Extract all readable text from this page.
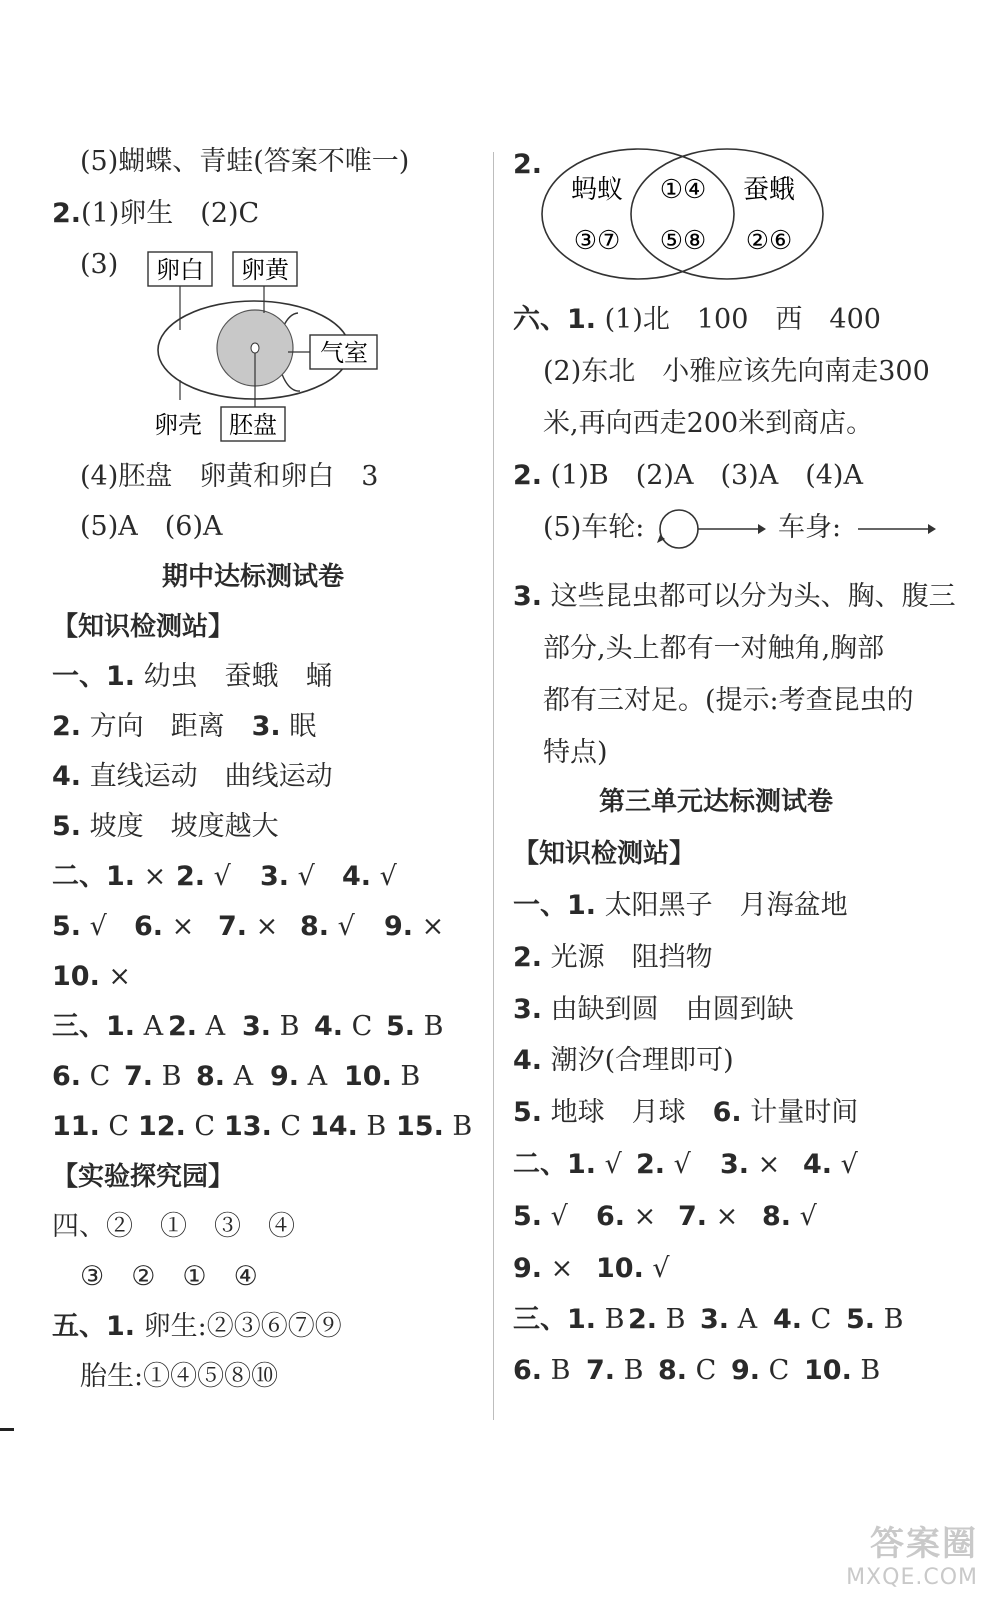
(5)蝴蝶、青蛙(答案不唯一)
2.(1)卵生　(2)C
(3) 卵白 卵黄
气室
卵壳 胚盘
(4)胚盘　卵黄和卵白　3
(5)A　(6)A
期中达标测试卷
【知识检测站】
一、1. 幼虫　蚕蛾　蛹
2. 方向　距离　3. 眠
4. 直线运动　曲线运动
5. 坡度　坡度越大
二、1. × 2. √ 3. √ 4. √
5. √ 6. × 7. × 8. √ 9. ×
10. ×
三、1. A 2. A 3. B 4. C 5. B
6. C 7. B 8. A 9. A 10. B
11. C 12. C 13. C 14. B 15. B
【实验探究园】
四、②　①　③　④
③　②　①　④
五、1. 卵生:②③⑥⑦⑨
胎生:①④⑤⑧⑩
2.
蚂蚁	蚕蛾
③⑦
①④
⑤⑧ ②⑥
六、1. (1)北　100　西　400
(2)东北　小雅应该先向南走300
米,再向西走200米到商店。
2. (1)B　(2)A　(3)A　(4)A
(5)车轮:	车身:
3. 这些昆虫都可以分为头、胸、腹三
部分,头上都有一对触角,胸部
都有三对足。(提示:考查昆虫的
特点)
第三单元达标测试卷
【知识检测站】
一、1. 太阳黑子　月海盆地
2. 光源　阻挡物
3. 由缺到圆　由圆到缺
4. 潮汐(合理即可)
5. 地球　月球　6. 计量时间
二、1. √ 2. √ 3. × 4. √
5. √ 6. × 7. × 8. √
9. × 10. √
三、1. B 2. B 3. A 4. C 5. B
6. B 7. B 8. C 9. C 10. B
答案圈
MXQE.COM
